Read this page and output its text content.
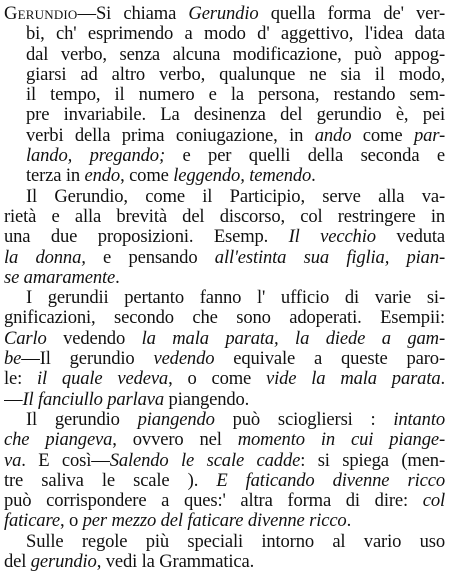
Gerundio—Si chiama Gerundio quella forma de' ver-
bi, ch' esprimendo a modo d' aggettivo, l'idea data
dal verbo, senza alcuna modificazione, può appog-
giarsi ad altro verbo, qualunque ne sia il modo,
il tempo, il numero e la persona, restando sem-
pre invariabile. La desinenza del gerundio è, pei
verbi della prima coniugazione, in ando come par-
lando, pregando; e per quelli della seconda e
terza in endo, come leggendo, temendo.
Il Gerundio, come il Participio, serve alla va-
rietà e alla brevità del discorso, col restringere in
una due proposizioni. Esemp. Il vecchio veduta
la donna, e pensando all'estinta sua figlia, pian-
se amaramente.
I gerundii pertanto fanno l' ufficio di varie si-
gnificazioni, secondo che sono adoperati. Esempii:
Carlo vedendo la mala parata, la diede a gam-
be—Il gerundio vedendo equivale a queste paro-
le: il quale vedeva, o come vide la mala parata.
—Il fanciullo parlava piangendo.
Il gerundio piangendo può sciogliersi : intanto
che piangeva, ovvero nel momento in cui piange-
va. E così—Salendo le scale cadde: si spiega (men-
tre saliva le scale ). E faticando divenne ricco
può corrispondere a ques:' altra forma di dire: col
faticare, o per mezzo del faticare divenne ricco.
Sulle regole più speciali intorno al vario uso
del gerundio, vedi la Grammatica.
